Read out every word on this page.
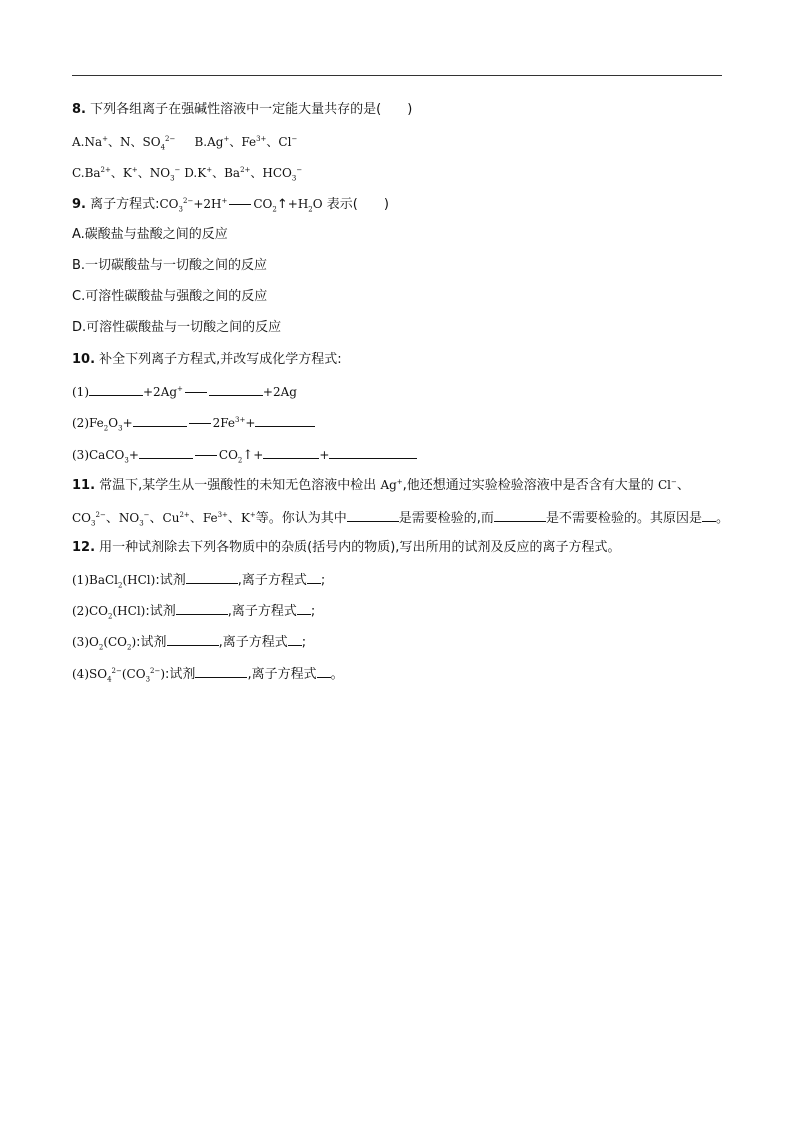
8. 下列各组离子在强碱性溶液中一定能大量共存的是(　　)
A.Na+、N、$SO_4^{2-}$ B.Ag+、$Fe^{3+}$、Cl−
$C.Ba^{2+}$、K+、$NO_3^-$ D.K+、$Ba^{2+}$、$HCO_3^-$
9. 离子方程式$:CO_3^{2-}+2H^+$ $CO_2↑+H_2O$ 表示(　　)
A.碳酸盐与盐酸之间的反应
B.一切碳酸盐与一切酸之间的反应
C.可溶性碳酸盐与强酸之间的反应
D.可溶性碳酸盐与一切酸之间的反应
10. 补全下列离子方程式,并改写成化学方程式:
(1)	+2Ag+	+2Ag
$(2)Fe_2O_3+$	$2Fe^{3+}+$
(3)CaCO$_3$+	$CO_2↑+$	+
11. 常温下,某学生从一强酸性的未知无色溶液中检出 Ag+,他还想通过实验检验溶液中是否含有大量的 Cl−、
$CO_3^{2-}$、$NO_3^-$、$Cu^{2+}$、$Fe^{3+}$、K+等。你认为其中	是需要检验的,而	是不需要检验的。其原因是 。
12. 用一种试剂除去下列各物质中的杂质(括号内的物质),写出所用的试剂及反应的离子方程式。
(1)BaCl$_2$(HCl):试剂	,离子方程式 ;
$(2)CO_2(HCl)$:试剂	,离子方程式 ;
$(3)O_2(CO_2)$:试剂	,离子方程式 ;
$(4)SO_4^{2-}(CO_3^{2-})$:试剂	,离子方程式 。
